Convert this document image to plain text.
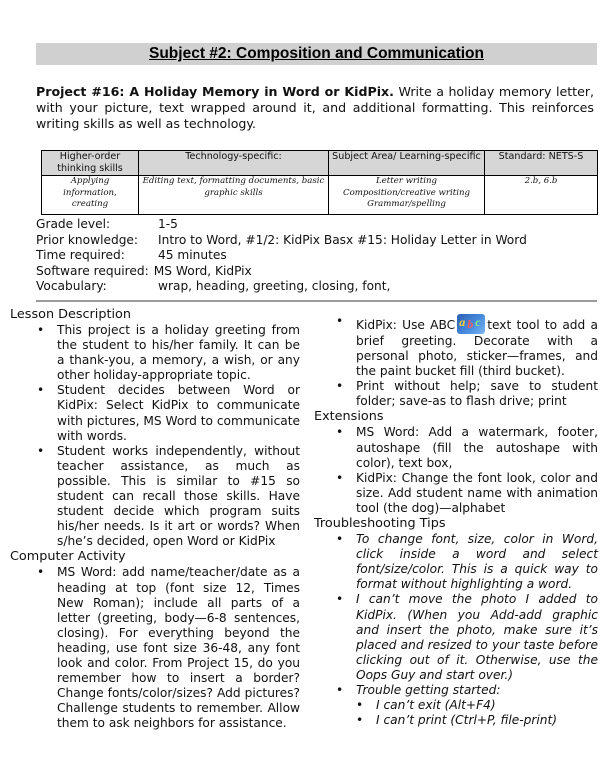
Subject #2: Composition and Communication
Project #16: A Holiday Memory in Word or KidPix. Write a holiday memory letter, with your picture, text wrapped around it, and additional formatting. This reinforces writing skills as well as technology.
Higher-order thinking skills	Technology-specific:	Subject Area/ Learning-specific	Standard: NETS-S
Applying information, creating	Editing text, formatting documents, basic graphic skills	Letter writing Composition/creative writing Grammar/spelling	2.b, 6.b
Grade level:	1-5
Prior knowledge:	Intro to Word, #1/2: KidPix Basx #15: Holiday Letter in Word
Time required:	45 minutes
Software required: MS Word, KidPix
Vocabulary:	wrap, heading, greeting, closing, font,

Lesson Description

• This project is a holiday greeting from the student to his/her family. It can be a thank-you, a memory, a wish, or any other holiday-appropriate topic.
• Student decides between Word or KidPix: Select KidPix to communicate with pictures, MS Word to communicate with words.
• Student works independently, without teacher assistance, as much as possible. This is similar to #15 so student can recall those skills. Have student decide which program suits his/her needs. Is it art or words? When s/he’s decided, open Word or KidPix

Computer Activity

• MS Word: add name/teacher/date as a heading at top (font size 12, Times New Roman); include all parts of a letter (greeting, body—6-8 sentences, closing). For everything beyond the heading, use font size 36-48, any font look and color. From Project 15, do you remember how to insert a border? Change fonts/color/sizes? Add pictures? Challenge students to remember. Allow them to ask neighbors for assistance.
• KidPix: Use ABC a b c text tool to add a brief greeting. Decorate with a personal photo, sticker—frames, and the paint bucket fill (third bucket).
• Print without help; save to student folder; save-as to flash drive; print

Extensions

• MS Word: Add a watermark, footer, autoshape (fill the autoshape with color), text box,
• KidPix: Change the font look, color and size. Add student name with animation tool (the dog)—alphabet

Troubleshooting Tips

• To change font, size, color in Word, click inside a word and select font/size/color. This is a quick way to format without highlighting a word.
• I can’t move the photo I added to KidPix. (When you Add-add graphic and insert the photo, make sure it’s placed and resized to your taste before clicking out of it. Otherwise, use the Oops Guy and start over.)
• Trouble getting started:
• I can’t exit (Alt+F4)
• I can’t print (Ctrl+P, file-print)
